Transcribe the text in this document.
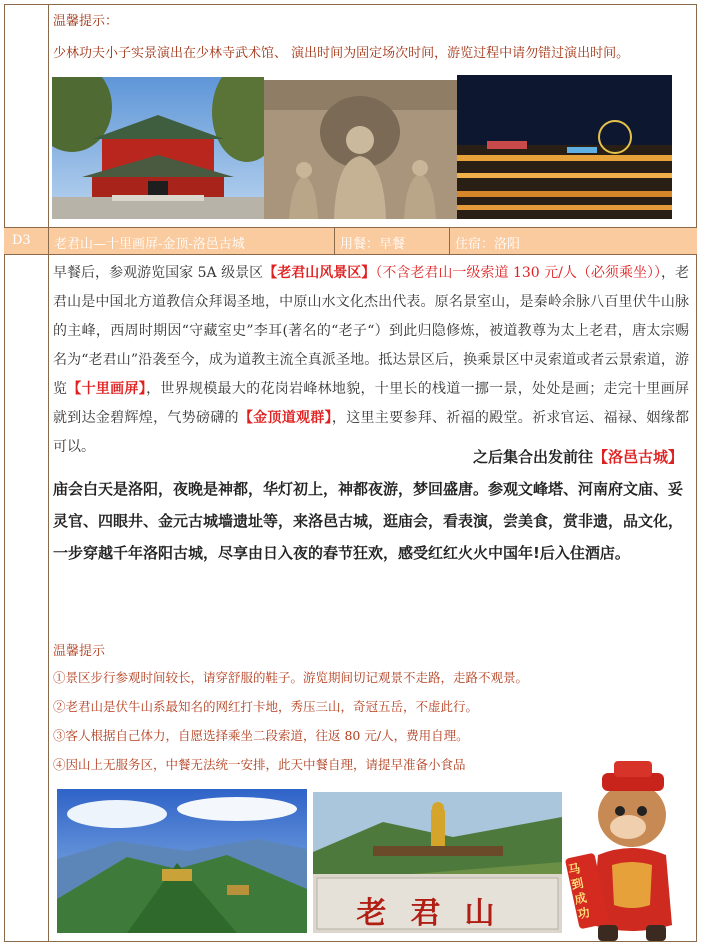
温馨提示：
少林功夫小子实景演出在少林寺武术馆、 演出时间为固定场次时间，游览过程中请勿错过演出时间。
D3 老君山—十里画屏-金顶-洛邑古城	用餐：早餐	住宿：洛阳
早餐后，参观游览国家 5A 级景区【老君山风景区】（不含老君山一级索道 130 元/人（必须乘坐）），老君山是中国北方道教信众拜谒圣地，中原山水文化杰出代表。原名景室山，是秦岭余脉八百里伏牛山脉的主峰，西周时期因“守藏室史”李耳(著名的“老子“）到此归隐修炼，被道教尊为太上老君，唐太宗赐名为“老君山”沿袭至今，成为道教主流全真派圣地。抵达景区后，换乘景区中灵索道或者云景索道，游览【十里画屏】，世界规模最大的花岗岩峰林地貌，十里长的栈道一挪一景，处处是画；走完十里画屏就到达金碧辉煌，气势磅礴的【金顶道观群】，这里主要参拜、祈福的殿堂。祈求官运、福禄、姻缘都可以。
之后集合出发前往【洛邑古城】庙会白天是洛阳，夜晚是神都，华灯初上，神都夜游，梦回盛唐。参观文峰塔、河南府文庙、妥灵官、四眼井、金元古城墙遗址等，来洛邑古城，逛庙会，看表演，尝美食，赏非遗，品文化，一步穿越千年洛阳古城，尽享由日入夜的春节狂欢，感受红红火火中国年!后入住酒店。
温馨提示
①景区步行参观时间较长，请穿舒服的鞋子。游览期间切记观景不走路，走路不观景。
②老君山是伏牛山系最知名的网红打卡地，秀压三山，奇冠五岳，不虚此行。
③客人根据自己体力，自愿选择乘坐二段索道，往返 80 元/人，费用自理。
④因山上无服务区，中餐无法统一安排，此天中餐自理，请提早准备小食品
老君山
马到成功
